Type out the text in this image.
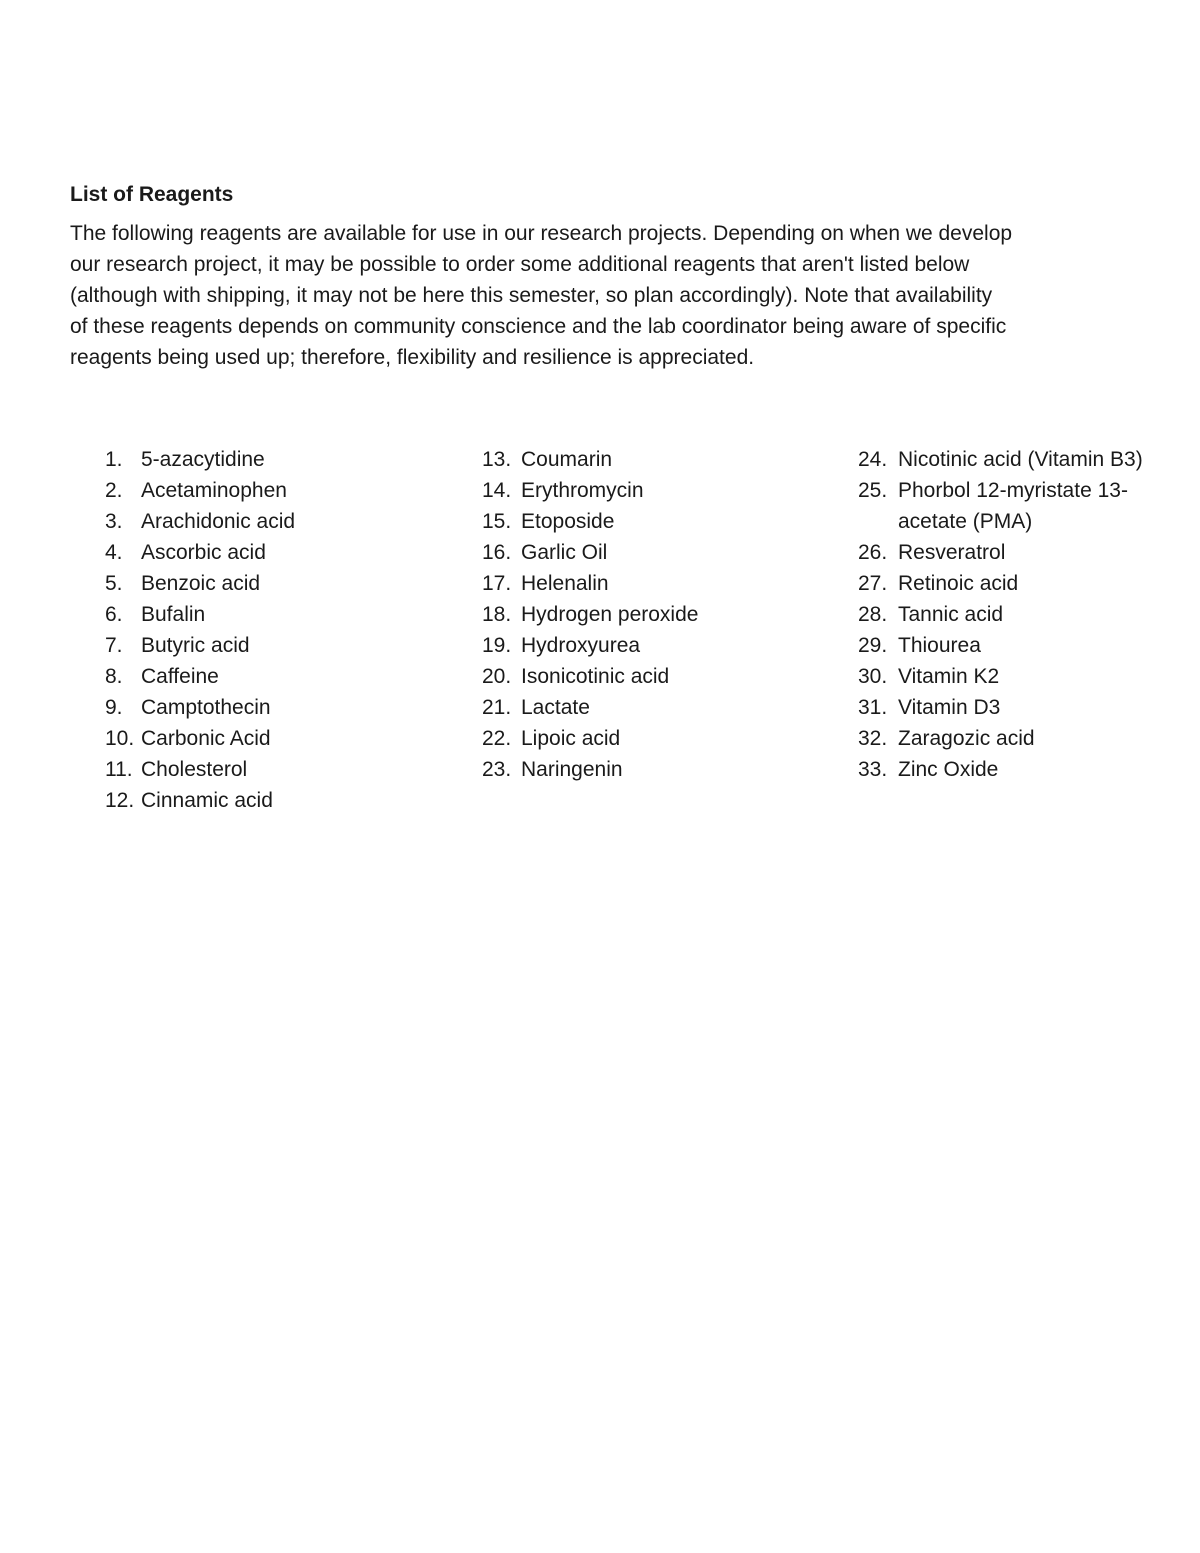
List of Reagents

The following reagents are available for use in our research projects. Depending on when we develop
our research project, it may be possible to order some additional reagents that aren't listed below
(although with shipping, it may not be here this semester, so plan accordingly). Note that availability
of these reagents depends on community conscience and the lab coordinator being aware of specific
reagents being used up; therefore, flexibility and resilience is appreciated.

1. 5-azacytidine
2. Acetaminophen
3. Arachidonic acid
4. Ascorbic acid
5. Benzoic acid
6. Bufalin
7. Butyric acid
8. Caffeine
9. Camptothecin
10. Carbonic Acid
11. Cholesterol
12. Cinnamic acid
13. Coumarin
14. Erythromycin
15. Etoposide
16. Garlic Oil
17. Helenalin
18. Hydrogen peroxide
19. Hydroxyurea
20. Isonicotinic acid
21. Lactate
22. Lipoic acid
23. Naringenin
24. Nicotinic acid (Vitamin B3)
25. Phorbol 12-myristate 13-acetate (PMA)
26. Resveratrol
27. Retinoic acid
28. Tannic acid
29. Thiourea
30. Vitamin K2
31. Vitamin D3
32. Zaragozic acid
33. Zinc Oxide
